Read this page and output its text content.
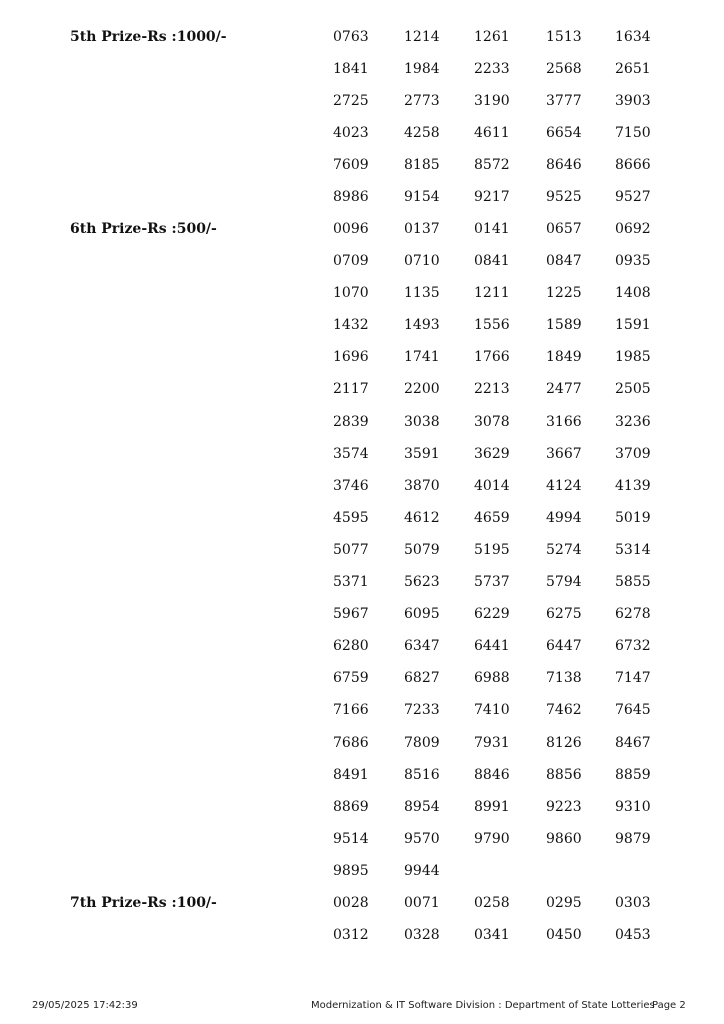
5th Prize-Rs :1000/-	0763	1214 1261	1513 1634
1841	1984 2233	2568 2651
2725	2773 3190	3777 3903
4023	4258 4611	6654 7150
7609	8185 8572	8646 8666
8986	9154 9217	9525 9527
6th Prize-Rs :500/-	0096	0137 0141	0657 0692
0709	0710 0841	0847 0935
1070	1135 1211	1225 1408
1432	1493 1556	1589 1591
1696	1741 1766	1849 1985
2117	2200 2213	2477 2505
2839	3038 3078	3166 3236
3574	3591 3629	3667 3709
3746	3870 4014	4124 4139
4595	4612 4659	4994 5019
5077	5079 5195	5274 5314
5371	5623 5737	5794 5855
5967	6095 6229	6275 6278
6280	6347 6441	6447 6732
6759	6827 6988	7138 7147
7166	7233 7410	7462 7645
7686	7809 7931	8126 8467
8491	8516 8846	8856 8859
8869	8954 8991	9223 9310
9514	9570 9790	9860 9879
9895	9944
7th Prize-Rs :100/-	0028	0071 0258	0295 0303
0312	0328 0341	0450 0453
29/05/2025 17:42:39	Modernization & IT Software Division : Department of State Lotteries
Page 2
